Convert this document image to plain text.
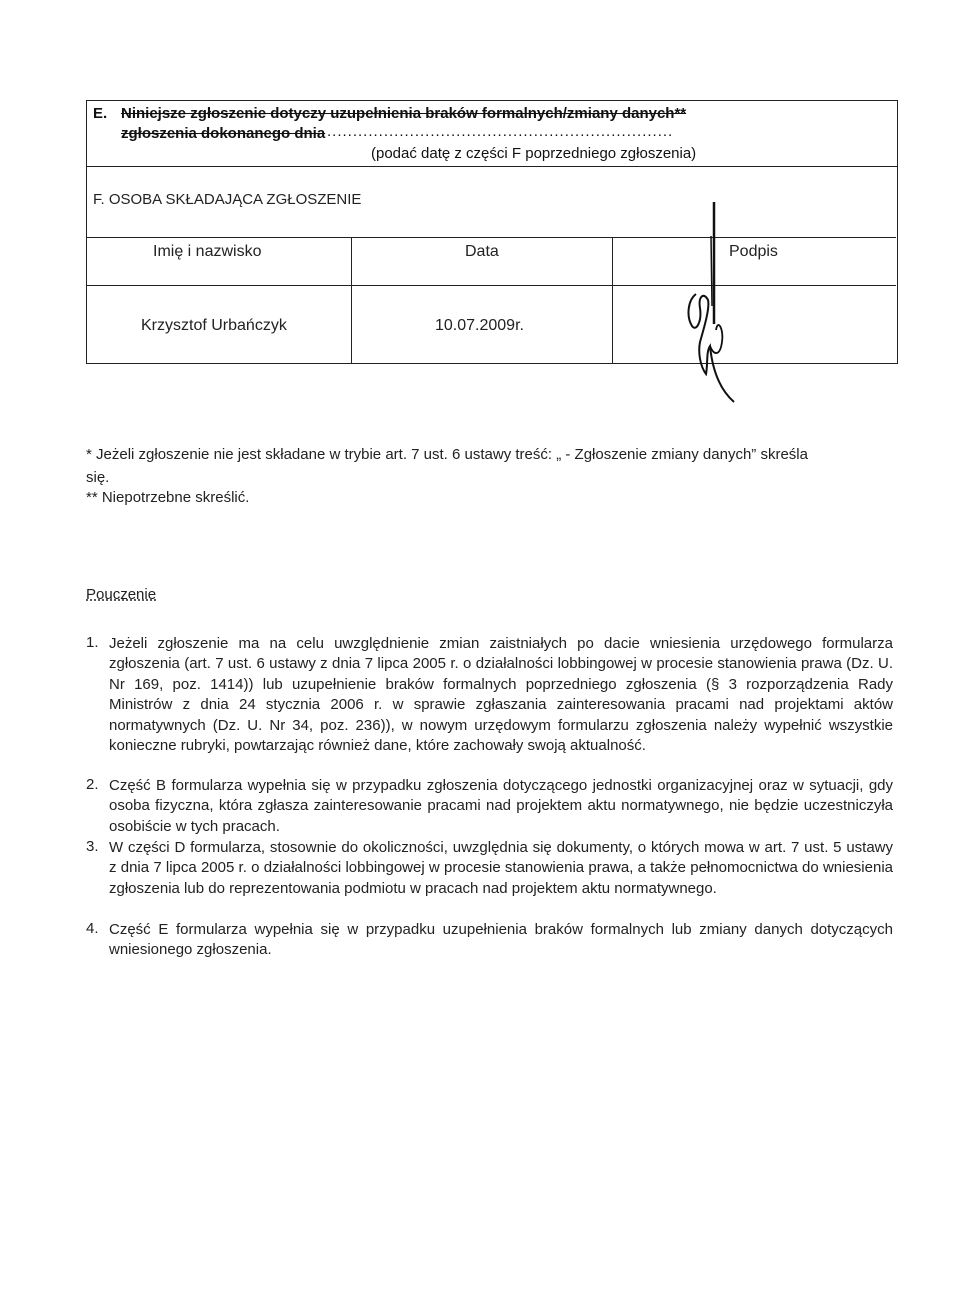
E. Niniejsze zgłoszenie dotyczy uzupełnienia braków formalnych/zmiany danych**
zgłoszenia dokonanego dnia ...................................................................
(podać datę z części F poprzedniego zgłoszenia)
F. OSOBA SKŁADAJĄCA ZGŁOSZENIE
Imię i nazwisko	Data	Podpis
Krzysztof Urbańczyk	10.07.2009r.
* Jeżeli zgłoszenie nie jest składane w trybie art. 7 ust. 6 ustawy treść: „ - Zgłoszenie zmiany danych” skreśla
się.
** Niepotrzebne skreślić.
Pouczenie
1. Jeżeli zgłoszenie ma na celu uwzględnienie zmian zaistniałych po dacie wniesienia urzędowego formularza zgłoszenia (art. 7 ust. 6 ustawy z dnia 7 lipca 2005 r. o działalności lobbingowej w procesie stanowienia prawa (Dz. U. Nr 169, poz. 1414)) lub uzupełnienie braków formalnych poprzedniego zgłoszenia (§ 3 rozporządzenia Rady Ministrów z dnia 24 stycznia 2006 r. w sprawie zgłaszania zainteresowania pracami nad projektami aktów normatywnych (Dz. U. Nr 34, poz. 236)), w nowym urzędowym formularzu zgłoszenia należy wypełnić wszystkie konieczne rubryki, powtarzając również dane, które zachowały swoją aktualność.
2. Część B formularza wypełnia się w przypadku zgłoszenia dotyczącego jednostki organizacyjnej oraz w sytuacji, gdy osoba fizyczna, która zgłasza zainteresowanie pracami nad projektem aktu normatywnego, nie będzie uczestniczyła osobiście w tych pracach.
3. W części D formularza, stosownie do okoliczności, uwzględnia się dokumenty, o których mowa w art. 7 ust. 5 ustawy z dnia 7 lipca 2005 r. o działalności lobbingowej w procesie stanowienia prawa, a także pełnomocnictwa do wniesienia zgłoszenia lub do reprezentowania podmiotu w pracach nad projektem aktu normatywnego.
4. Część E formularza wypełnia się w przypadku uzupełnienia braków formalnych lub zmiany danych dotyczących wniesionego zgłoszenia.
